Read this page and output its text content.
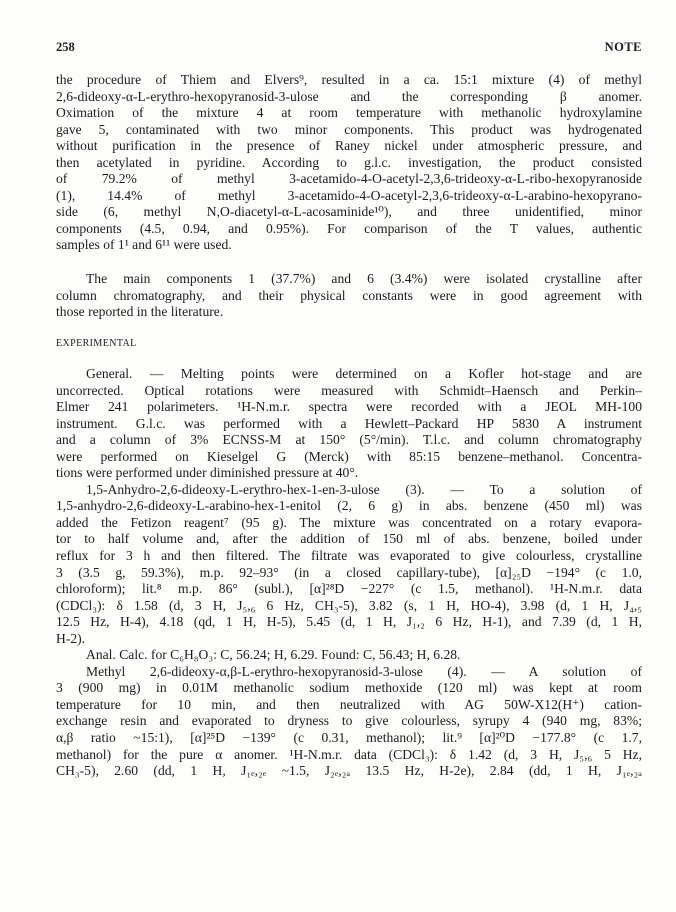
258	NOTE

the procedure of Thiem and Elvers⁹, resulted in a ca. 15:1 mixture (4) of methyl

2,6-dideoxy-α-L-erythro-hexopyranosid-3-ulose and the corresponding β anomer.

Oximation of the mixture 4 at room temperature with methanolic hydroxylamine

gave 5, contaminated with two minor components. This product was hydrogenated

without purification in the presence of Raney nickel under atmospheric pressure, and

then acetylated in pyridine. According to g.l.c. investigation, the product consisted

of 79.2% of methyl 3-acetamido-4-O-acetyl-2,3,6-trideoxy-α-L-ribo-hexopyranoside

(1), 14.4% of methyl 3-acetamido-4-O-acetyl-2,3,6-trideoxy-α-L-arabino-hexopyrano-

side (6, methyl N,O-diacetyl-α-L-acosaminide¹⁰), and three unidentified, minor

components (4.5, 0.94, and 0.95%). For comparison of the T values, authentic

samples of 1¹ and 6¹¹ were used.

The main components 1 (37.7%) and 6 (3.4%) were isolated crystalline after

column chromatography, and their physical constants were in good agreement with

those reported in the literature.

EXPERIMENTAL

General. — Melting points were determined on a Kofler hot-stage and are

uncorrected. Optical rotations were measured with Schmidt–Haensch and Perkin–

Elmer 241 polarimeters. ¹H-N.m.r. spectra were recorded with a JEOL MH-100

instrument. G.l.c. was performed with a Hewlett–Packard HP 5830 A instrument

and a column of 3% ECNSS-M at 150° (5°/min). T.l.c. and column chromatography

were performed on Kieselgel G (Merck) with 85:15 benzene–methanol. Concentra-

tions were performed under diminished pressure at 40°.

1,5-Anhydro-2,6-dideoxy-L-erythro-hex-1-en-3-ulose (3). — To a solution of

1,5-anhydro-2,6-dideoxy-L-arabino-hex-1-enitol (2, 6 g) in abs. benzene (450 ml) was

added the Fetizon reagent⁷ (95 g). The mixture was concentrated on a rotary evapora-

tor to half volume and, after the addition of 150 ml of abs. benzene, boiled under

reflux for 3 h and then filtered. The filtrate was evaporated to give colourless, crystalline

3 (3.5 g, 59.3%), m.p. 92–93° (in a closed capillary-tube), [α]₂₅D −194° (c 1.0,

chloroform); lit.⁸ m.p. 86° (subl.), [α]²⁸D −227° (c 1.5, methanol). ¹H-N.m.r. data

(CDCl₃): δ 1.58 (d, 3 H, J₅,₆ 6 Hz, CH₃-5), 3.82 (s, 1 H, HO-4), 3.98 (d, 1 H, J₄,₅

12.5 Hz, H-4), 4.18 (qd, 1 H, H-5), 5.45 (d, 1 H, J₁,₂ 6 Hz, H-1), and 7.39 (d, 1 H,

H-2).

Anal. Calc. for C₆H₈O₃: C, 56.24; H, 6.29. Found: C, 56.43; H, 6.28.

Methyl 2,6-dideoxy-α,β-L-erythro-hexopyranosid-3-ulose (4). — A solution of

3 (900 mg) in 0.01M methanolic sodium methoxide (120 ml) was kept at room

temperature for 10 min, and then neutralized with AG 50W-X12(H⁺) cation-

exchange resin and evaporated to dryness to give colourless, syrupy 4 (940 mg, 83%;

α,β ratio ~15:1), [α]²⁵D −139° (c 0.31, methanol); lit.⁹ [α]²⁰D −177.8° (c 1.7,

methanol) for the pure α anomer. ¹H-N.m.r. data (CDCl₃): δ 1.42 (d, 3 H, J₅,₆ 5 Hz,

CH₃-5), 2.60 (dd, 1 H, J₁ₑ,₂ₑ ~1.5, J₂ₑ,₂ₐ 13.5 Hz, H-2e), 2.84 (dd, 1 H, J₁ₑ,₂ₐ
